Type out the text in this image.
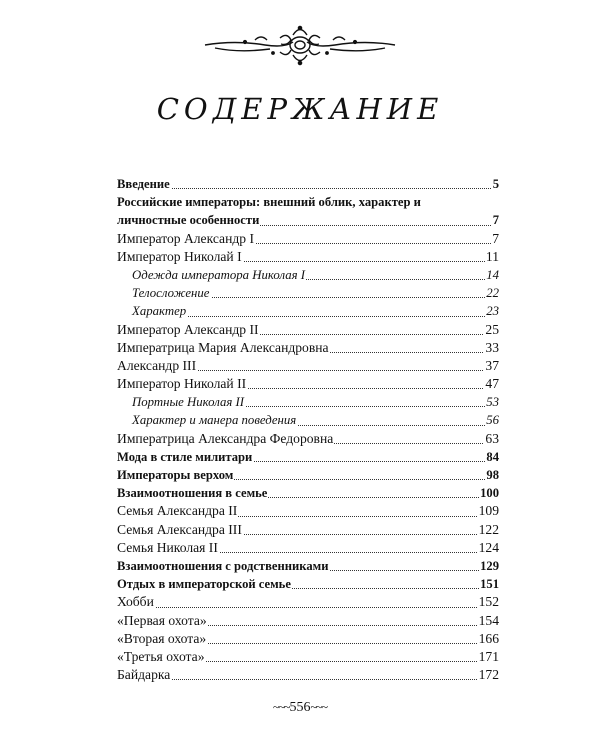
СОДЕРЖАНИЕ
Введение	5
Российские императоры: внешний облик, характер и личностные особенности	7
Император Александр I	7
Император Николай I	11
Одежда императора Николая I	14
Телосложение	22
Характер	23
Император Александр II	25
Императрица Мария Александровна	33
Александр III	37
Император Николай II	47
Портные Николая II	53
Характер и манера поведения	56
Императрица Александра Федоровна	63
Мода в стиле милитари	84
Императоры верхом	98
Взаимоотношения в семье	100
Семья Александра II	109
Семья Александра III	122
Семья Николая II	124
Взаимоотношения с родственниками	129
Отдых в императорской семье	151
Хобби	152
«Первая охота»	154
«Вторая охота»	166
«Третья охота»	171
Байдарка	172
~~~556~~~
